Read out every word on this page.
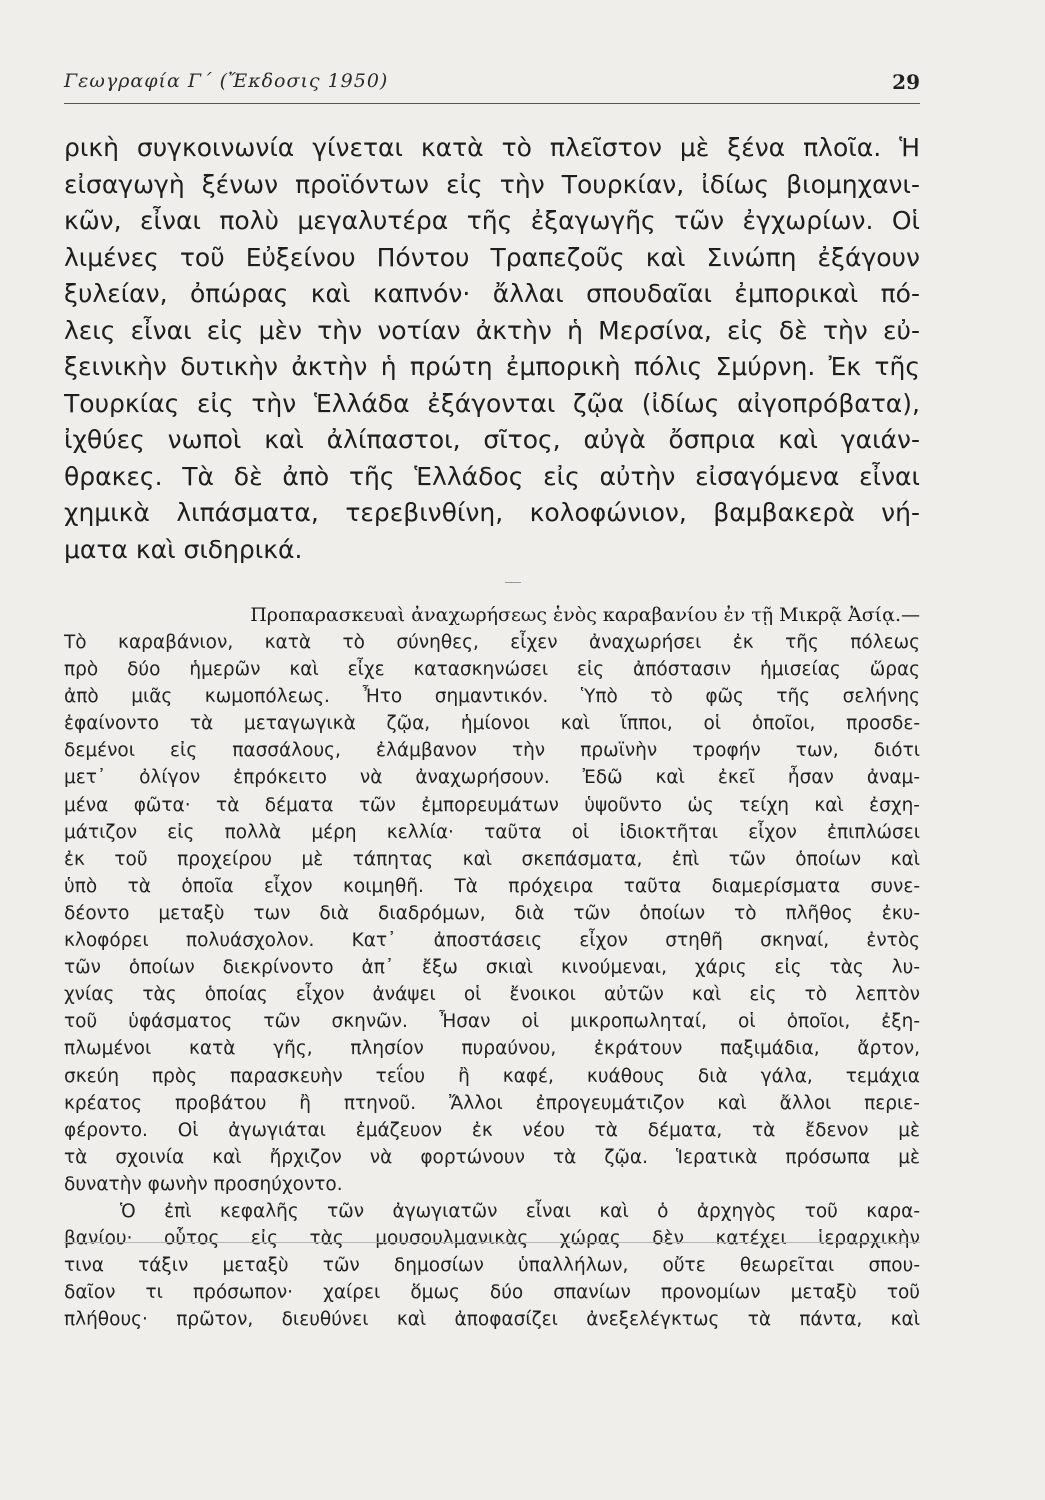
Γεωγραφία Γ΄ (Ἔκδοσις 1950)	29
ρικὴ συγκοινωνία γίνεται κατὰ τὸ πλεῖστον μὲ ξένα πλοῖα. Ἡ
εἰσαγωγὴ ξένων προϊόντων εἰς τὴν Τουρκίαν, ἰδίως βιομηχανι-
κῶν, εἶναι πολὺ μεγαλυτέρα τῆς ἐξαγωγῆς τῶν ἐγχωρίων. Οἱ
λιμένες τοῦ Εὐξείνου Πόντου Τραπεζοῦς καὶ Σινώπη ἐξάγουν
ξυλείαν, ὀπώρας καὶ καπνόν· ἄλλαι σπουδαῖαι ἐμπορικαὶ πό-
λεις εἶναι εἰς μὲν τὴν νοτίαν ἀκτὴν ἡ Μερσίνα, εἰς δὲ τὴν εὐ-
ξεινικὴν δυτικὴν ἀκτὴν ἡ πρώτη ἐμπορικὴ πόλις Σμύρνη. Ἐκ τῆς
Τουρκίας εἰς τὴν Ἑλλάδα ἐξάγονται ζῷα (ἰδίως αἰγοπρόβατα),
ἰχθύες νωποὶ καὶ ἀλίπαστοι, σῖτος, αὐγὰ ὄσπρια καὶ γαιάν-
θρακες. Τὰ δὲ ἀπὸ τῆς Ἑλλάδος εἰς αὐτὴν εἰσαγόμενα εἶναι
χημικὰ λιπάσματα, τερεβινθίνη, κολοφώνιον, βαμβακερὰ νή-
ματα καὶ σιδηρικά.
Προπαρασκευαὶ ἀναχωρήσεως ἑνὸς καραβανίου ἐν τῇ Μικρᾷ Ἀσίᾳ.—
Τὸ καραβάνιον, κατὰ τὸ σύνηθες, εἶχεν ἀναχωρήσει ἐκ τῆς πόλεως
πρὸ δύο ἡμερῶν καὶ εἶχε κατασκηνώσει εἰς ἀπόστασιν ἡμισείας ὥρας
ἀπὸ μιᾶς κωμοπόλεως. Ἦτο σημαντικόν. Ὑπὸ τὸ φῶς τῆς σελήνης
ἐφαίνοντο τὰ μεταγωγικὰ ζῷα, ἡμίονοι καὶ ἵπποι, οἱ ὁποῖοι, προσδε-
δεμένοι εἰς πασσάλους, ἐλάμβανον τὴν πρωϊνὴν τροφήν των, διότι
μετ᾽ ὀλίγον ἐπρόκειτο νὰ ἀναχωρήσουν. Ἐδῶ καὶ ἐκεῖ ἦσαν ἀναμ-
μένα φῶτα· τὰ δέματα τῶν ἐμπορευμάτων ὑψοῦντο ὡς τείχη καὶ ἐσχη-
μάτιζον εἰς πολλὰ μέρη κελλία· ταῦτα οἱ ἰδιοκτῆται εἶχον ἐπιπλώσει
ἐκ τοῦ προχείρου μὲ τάπητας καὶ σκεπάσματα, ἐπὶ τῶν ὁποίων καὶ
ὑπὸ τὰ ὁποῖα εἶχον κοιμηθῆ. Τὰ πρόχειρα ταῦτα διαμερίσματα συνε-
δέοντο μεταξὺ των διὰ διαδρόμων, διὰ τῶν ὁποίων τὸ πλῆθος ἐκυ-
κλοφόρει πολυάσχολον. Κατ᾽ ἀποστάσεις εἶχον στηθῆ σκηναί, ἐντὸς
τῶν ὁποίων διεκρίνοντο ἀπ᾽ ἔξω σκιαὶ κινούμεναι, χάρις εἰς τὰς λυ-
χνίας τὰς ὁποίας εἶχον ἀνάψει οἱ ἔνοικοι αὐτῶν καὶ εἰς τὸ λεπτὸν
τοῦ ὑφάσματος τῶν σκηνῶν. Ἦσαν οἱ μικροπωληταί, οἱ ὁποῖοι, ἐξη-
πλωμένοι κατὰ γῆς, πλησίον πυραύνου, ἐκράτουν παξιμάδια, ἄρτον,
σκεύη πρὸς παρασκευὴν τεΐου ἢ καφέ, κυάθους διὰ γάλα, τεμάχια
κρέατος προβάτου ἢ πτηνοῦ. Ἄλλοι ἐπρογευμάτιζον καὶ ἄλλοι περιε-
φέροντο. Οἱ ἀγωγιάται ἐμάζευον ἐκ νέου τὰ δέματα, τὰ ἔδενον μὲ
τὰ σχοινία καὶ ἤρχιζον νὰ φορτώνουν τὰ ζῷα. Ἱερατικὰ πρόσωπα μὲ
δυνατὴν φωνὴν προσηύχοντο.
Ὁ ἐπὶ κεφαλῆς τῶν ἀγωγιατῶν εἶναι καὶ ὁ ἀρχηγὸς τοῦ καρα-
βανίου· οὗτος εἰς τὰς μουσουλμανικὰς χώρας δὲν κατέχει ἱεραρχικὴν
τινα τάξιν μεταξὺ τῶν δημοσίων ὑπαλλήλων, οὔτε θεωρεῖται σπου-
δαῖον τι πρόσωπον· χαίρει ὅμως δύο σπανίων προνομίων μεταξὺ τοῦ
πλήθους· πρῶτον, διευθύνει καὶ ἀποφασίζει ἀνεξελέγκτως τὰ πάντα, καὶ
